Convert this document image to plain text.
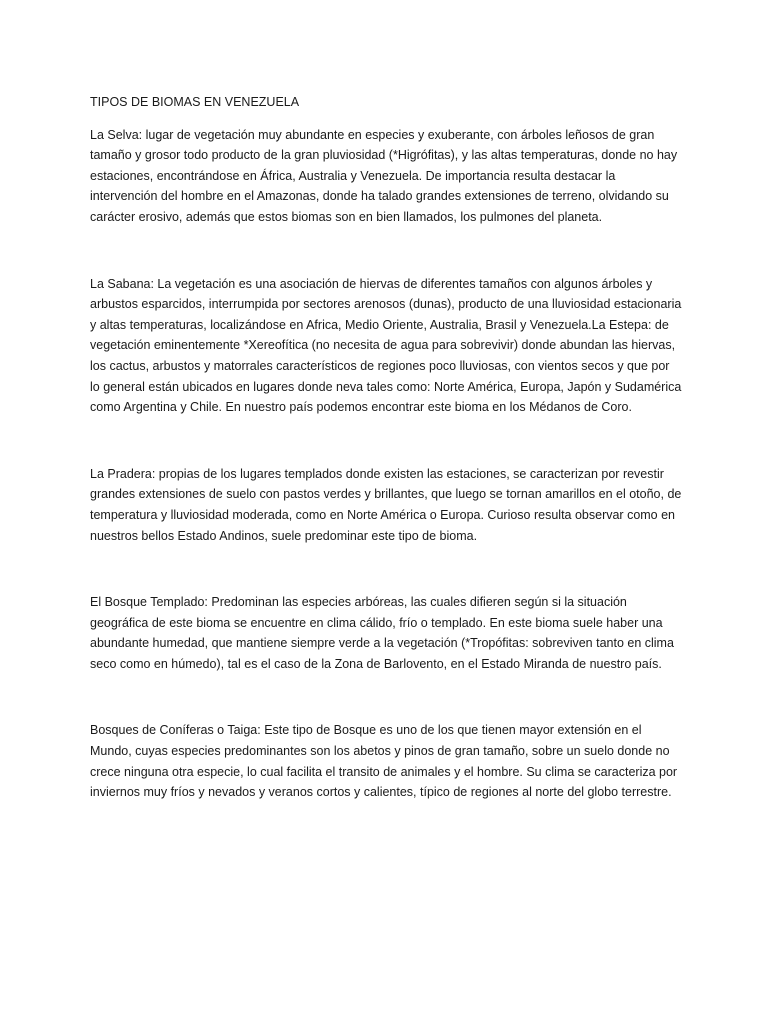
TIPOS DE BIOMAS EN VENEZUELA

La Selva: lugar de vegetación muy abundante en especies y exuberante, con árboles leñosos de gran tamaño y grosor todo producto de la gran pluviosidad (*Higrófitas), y las altas temperaturas, donde no hay estaciones, encontrándose en África, Australia y Venezuela. De importancia resulta destacar la intervención del hombre en el Amazonas, donde ha talado grandes extensiones de terreno, olvidando su carácter erosivo, además que estos biomas son en bien llamados, los pulmones del planeta.

La Sabana: La vegetación es una asociación de hiervas de diferentes tamaños con algunos árboles y arbustos esparcidos, interrumpida por sectores arenosos (dunas), producto de una lluviosidad estacionaria y altas temperaturas, localizándose en Africa, Medio Oriente, Australia, Brasil y Venezuela.La Estepa: de vegetación eminentemente *Xereofítica (no necesita de agua para sobrevivir) donde abundan las hiervas, los cactus, arbustos y matorrales característicos de regiones poco lluviosas, con vientos secos y que por lo general están ubicados en lugares donde neva tales como: Norte América, Europa, Japón y Sudamérica como Argentina y Chile. En nuestro país podemos encontrar este bioma en los Médanos de Coro.

La Pradera: propias de los lugares templados donde existen las estaciones, se caracterizan por revestir grandes extensiones de suelo con pastos verdes y brillantes, que luego se tornan amarillos en el otoño, de temperatura y lluviosidad moderada, como en Norte América o Europa. Curioso resulta observar como en nuestros bellos Estado Andinos, suele predominar este tipo de bioma.

El Bosque Templado: Predominan las especies arbóreas, las cuales difieren según si la situación geográfica de este bioma se encuentre en clima cálido, frío o templado. En este bioma suele haber una abundante humedad, que mantiene siempre verde a la vegetación (*Tropófitas: sobreviven tanto en clima seco como en húmedo), tal es el caso de la Zona de Barlovento, en el Estado Miranda de nuestro país.

Bosques de Coníferas o Taiga: Este tipo de Bosque es uno de los que tienen mayor extensión en el Mundo, cuyas especies predominantes son los abetos y pinos de gran tamaño, sobre un suelo donde no crece ninguna otra especie, lo cual facilita el transito de animales y el hombre. Su clima se caracteriza por inviernos muy fríos y nevados y veranos cortos y calientes, típico de regiones al norte del globo terrestre.
